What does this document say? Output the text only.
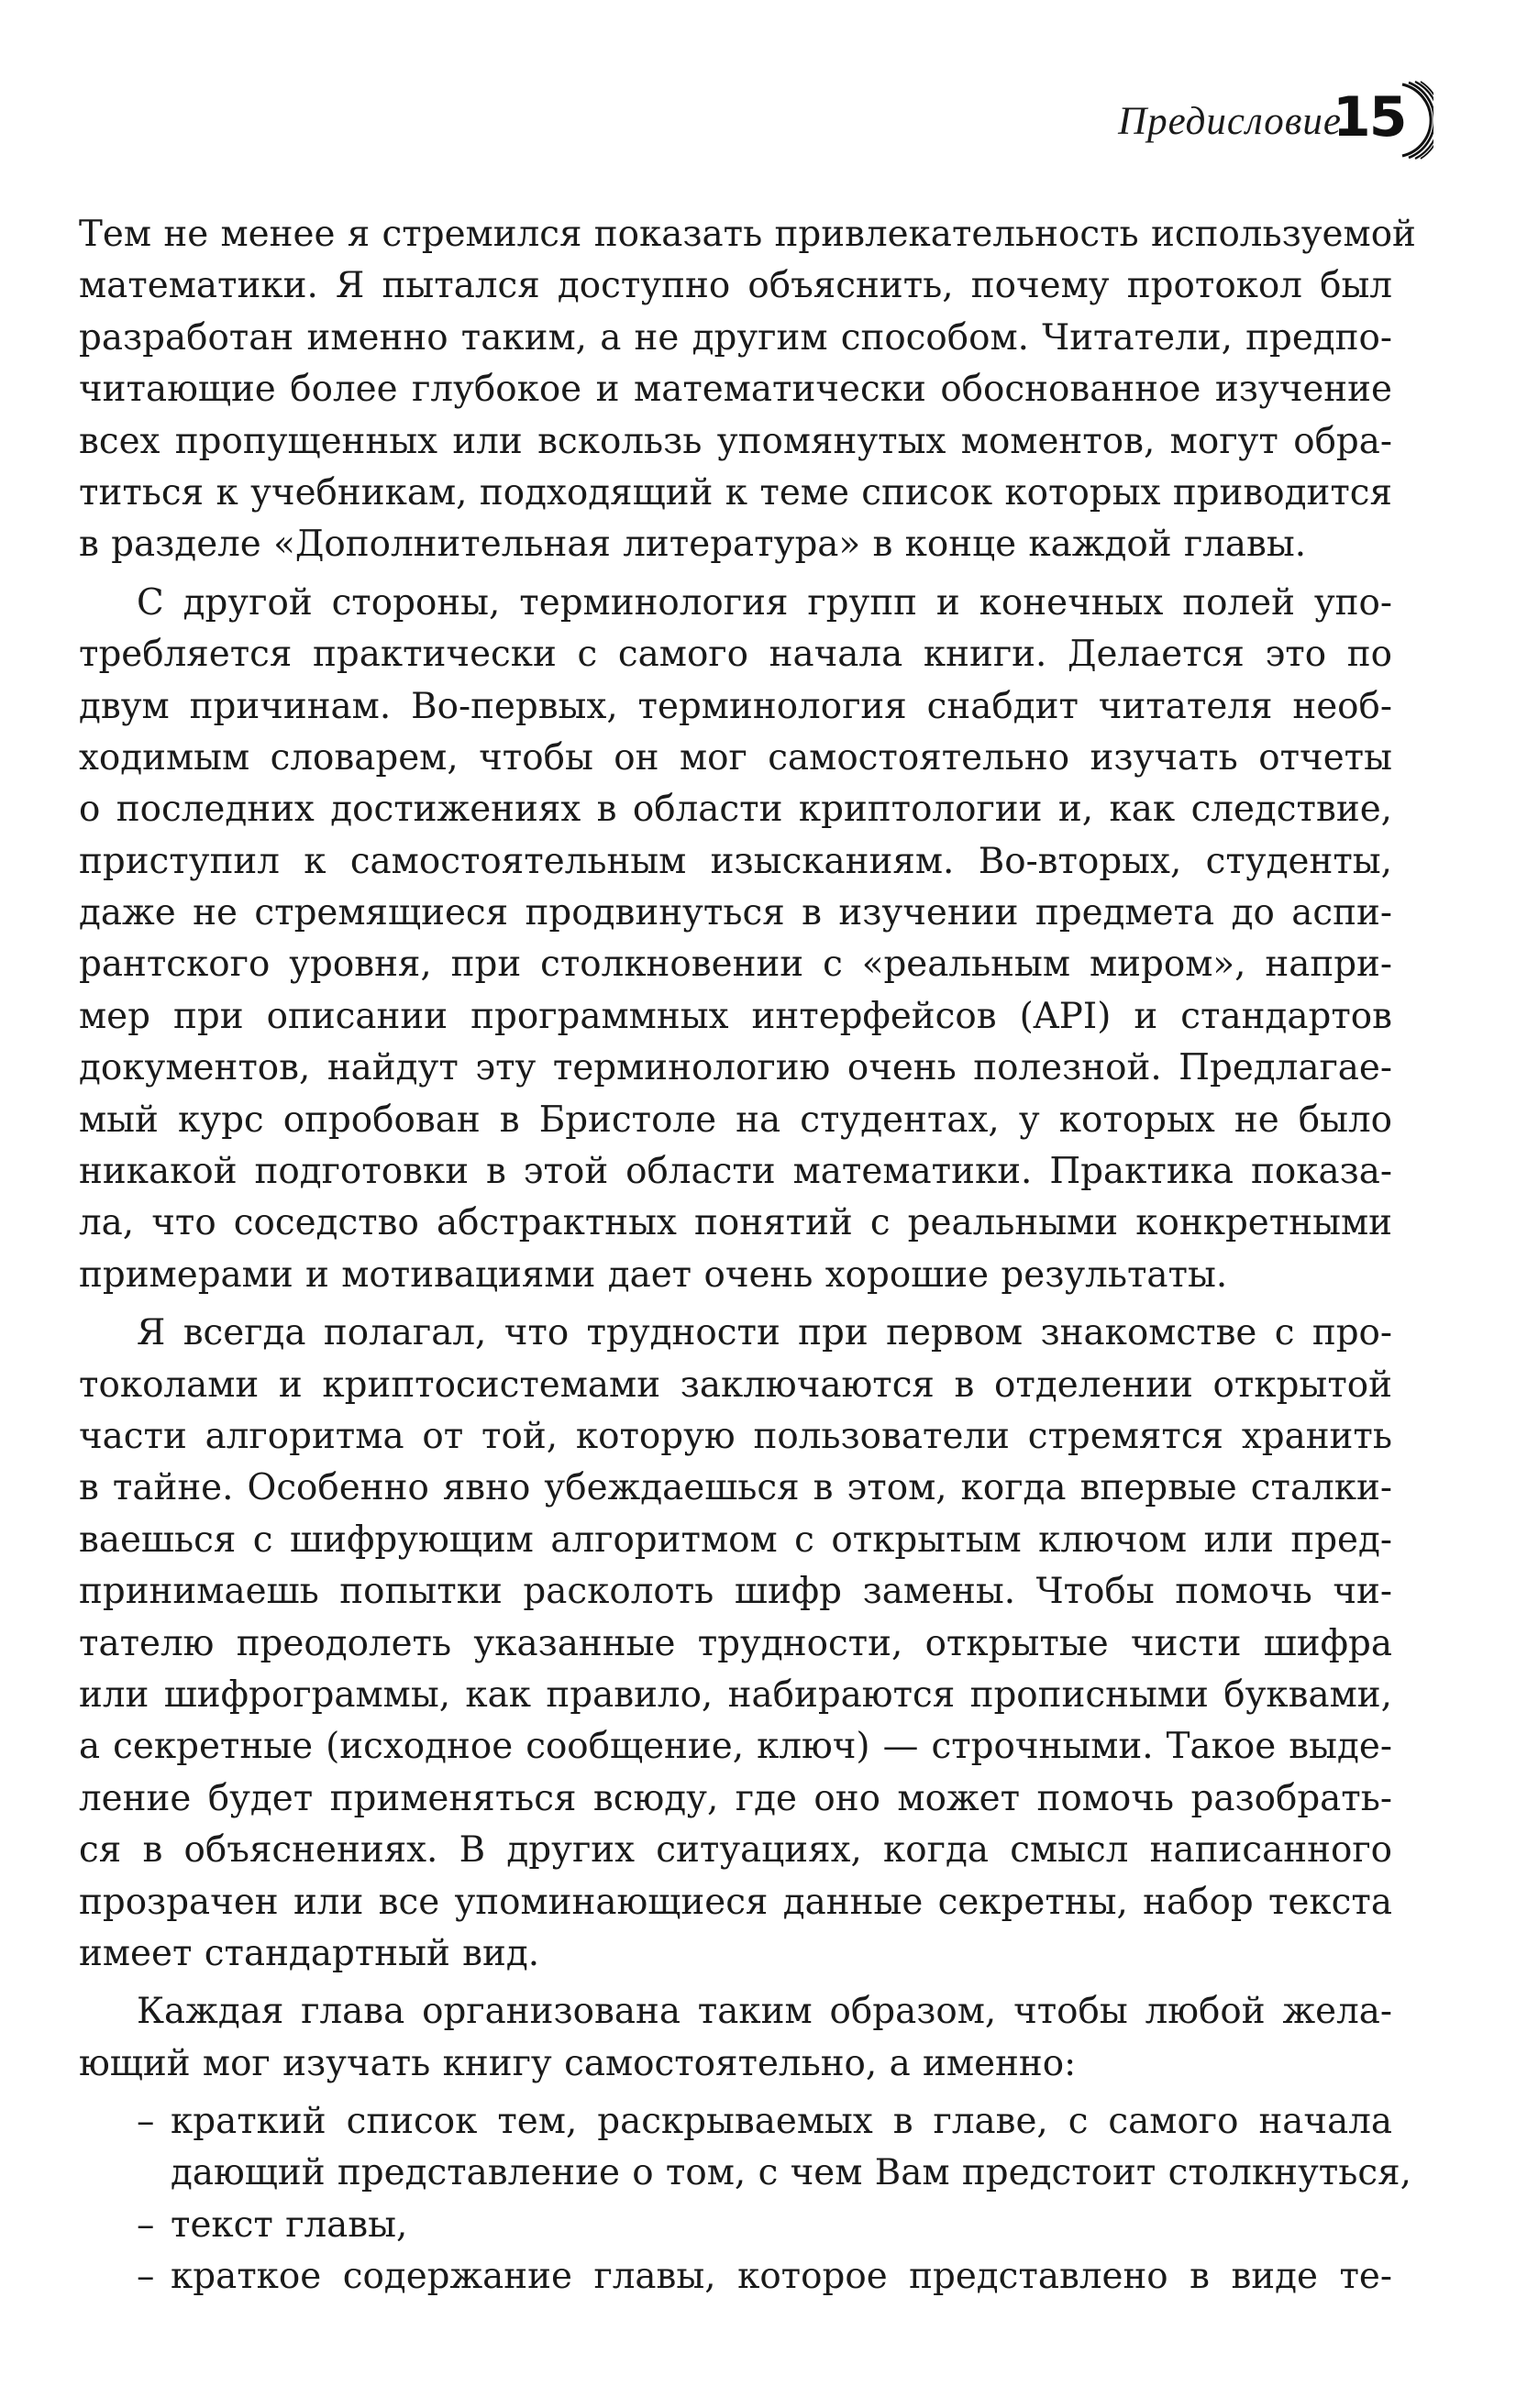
Предисловие
15
Тем не менее я стремился показать привлекательность используемой
математики. Я пытался доступно объяснить, почему протокол был
разработан именно таким, а не другим способом. Читатели, предпо-
читающие более глубокое и математически обоснованное изучение
всех пропущенных или вскользь упомянутых моментов, могут обра-
титься к учебникам, подходящий к теме список которых приводится
в разделе «Дополнительная литература» в конце каждой главы.
С другой стороны, терминология групп и конечных полей упо-
требляется практически с самого начала книги. Делается это по
двум причинам. Во-первых, терминология снабдит читателя необ-
ходимым словарем, чтобы он мог самостоятельно изучать отчеты
о последних достижениях в области криптологии и, как следствие,
приступил к самостоятельным изысканиям. Во-вторых, студенты,
даже не стремящиеся продвинуться в изучении предмета до аспи-
рантского уровня, при столкновении с «реальным миром», напри-
мер при описании программных интерфейсов (API) и стандартов
документов, найдут эту терминологию очень полезной. Предлагае-
мый курс опробован в Бристоле на студентах, у которых не было
никакой подготовки в этой области математики. Практика показа-
ла, что соседство абстрактных понятий с реальными конкретными
примерами и мотивациями дает очень хорошие результаты.
Я всегда полагал, что трудности при первом знакомстве с про-
токолами и криптосистемами заключаются в отделении открытой
части алгоритма от той, которую пользователи стремятся хранить
в тайне. Особенно явно убеждаешься в этом, когда впервые сталки-
ваешься с шифрующим алгоритмом с открытым ключом или пред-
принимаешь попытки расколоть шифр замены. Чтобы помочь чи-
тателю преодолеть указанные трудности, открытые чисти шифра
или шифрограммы, как правило, набираются прописными буквами,
а секретные (исходное сообщение, ключ) — строчными. Такое выде-
ление будет применяться всюду, где оно может помочь разобрать-
ся в объяснениях. В других ситуациях, когда смысл написанного
прозрачен или все упоминающиеся данные секретны, набор текста
имеет стандартный вид.
Каждая глава организована таким образом, чтобы любой жела-
ющий мог изучать книгу самостоятельно, а именно:
– краткий список тем, раскрываемых в главе, с самого начала
дающий представление о том, с чем Вам предстоит столкнуться,
– текст главы,
– краткое содержание главы, которое представлено в виде те-
